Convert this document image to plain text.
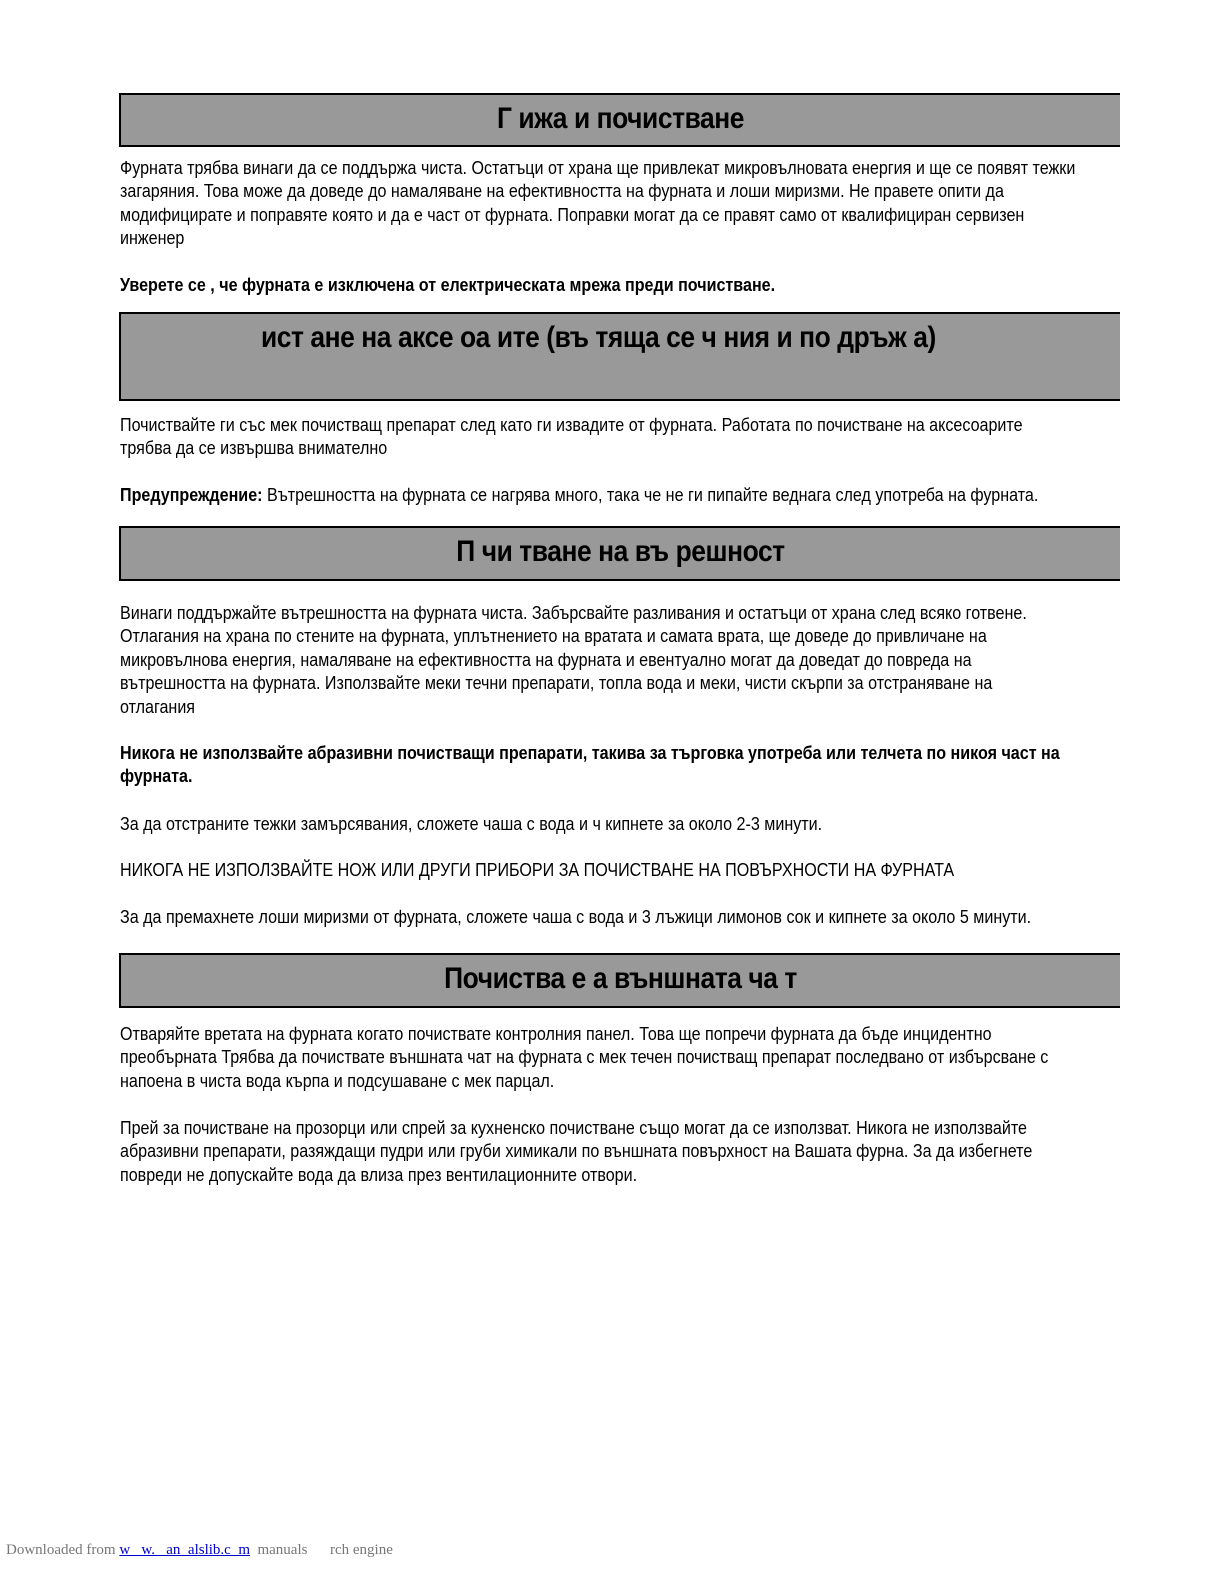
Г ижа и почистване
Фурната трябва винаги да се поддържа чиста. Остатъци от храна ще привлекат микровълновата енергия и ще се появят тежки
загаряния. Това може да доведе до намаляване на ефективността на фурната и лоши миризми. Не правете опити да
модифицирате и поправяте която и да е част от фурната. Поправки могат да се правят само от квалифициран сервизен
инженер
Уверете се , че фурната е изключена от електрическата мрежа преди почистване.
ист ане на аксе оа ите (въ тяща се ч ния и по дръж а)
Почиствайте ги със мек почистващ препарат след като ги извадите от фурната. Работата по почистване на аксесоарите
трябва да се извършва внимателно
Предупреждение: Вътрешността на фурната се нагрява много, така че не ги пипайте веднага след употреба на фурната.
П чи тване на въ решност
Винаги поддържайте вътрешността на фурната чиста. Забърсвайте разливания и остатъци от храна след всяко готвене.
Отлагания на храна по стените на фурната, уплътнението на вратата и самата врата, ще доведе до привличане на
микровълнова енергия, намаляване на ефективността на фурната и евентуално могат да доведат до повреда на
вътрешността на фурната. Използвайте меки течни препарати, топла вода и меки, чисти скърпи за отстраняване на
отлагания
Никога не използвайте абразивни почистващи препарати, такива за търговка употреба или телчета по никоя част на
фурната.
За да отстраните тежки замърсявания, сложете чаша с вода и ч кипнете за около 2-3 минути.
НИКОГА НЕ ИЗПОЛЗВАЙТЕ НОЖ ИЛИ ДРУГИ ПРИБОРИ ЗА ПОЧИСТВАНЕ НА ПОВЪРХНОСТИ НА ФУРНАТА
За да премахнете лоши миризми от фурната, сложете чаша с вода и 3 лъжици лимонов сок и кипнете за около 5 минути.
Почиства е а външната ча т
Отваряйте вретата на фурната когато почиствате контролния панел. Това ще попречи фурната да бъде инцидентно
преобърната Трябва да почиствате външната чат на фурната с мек течен почистващ препарат последвано от избърсване с
напоена в чиста вода кърпа и подсушаване с мек парцал.
Прей за почистване на прозорци или спрей за кухненско почистване също могат да се използват. Никога не използвайте
абразивни препарати, разяждащи пудри или груби химикали по външната повърхност на Вашата фурна. За да избегнете
повреди не допускайте вода да влиза през вентилационните отвори.
Downloaded from w   w.   an  alslib.c  m  manuals      rch engine
